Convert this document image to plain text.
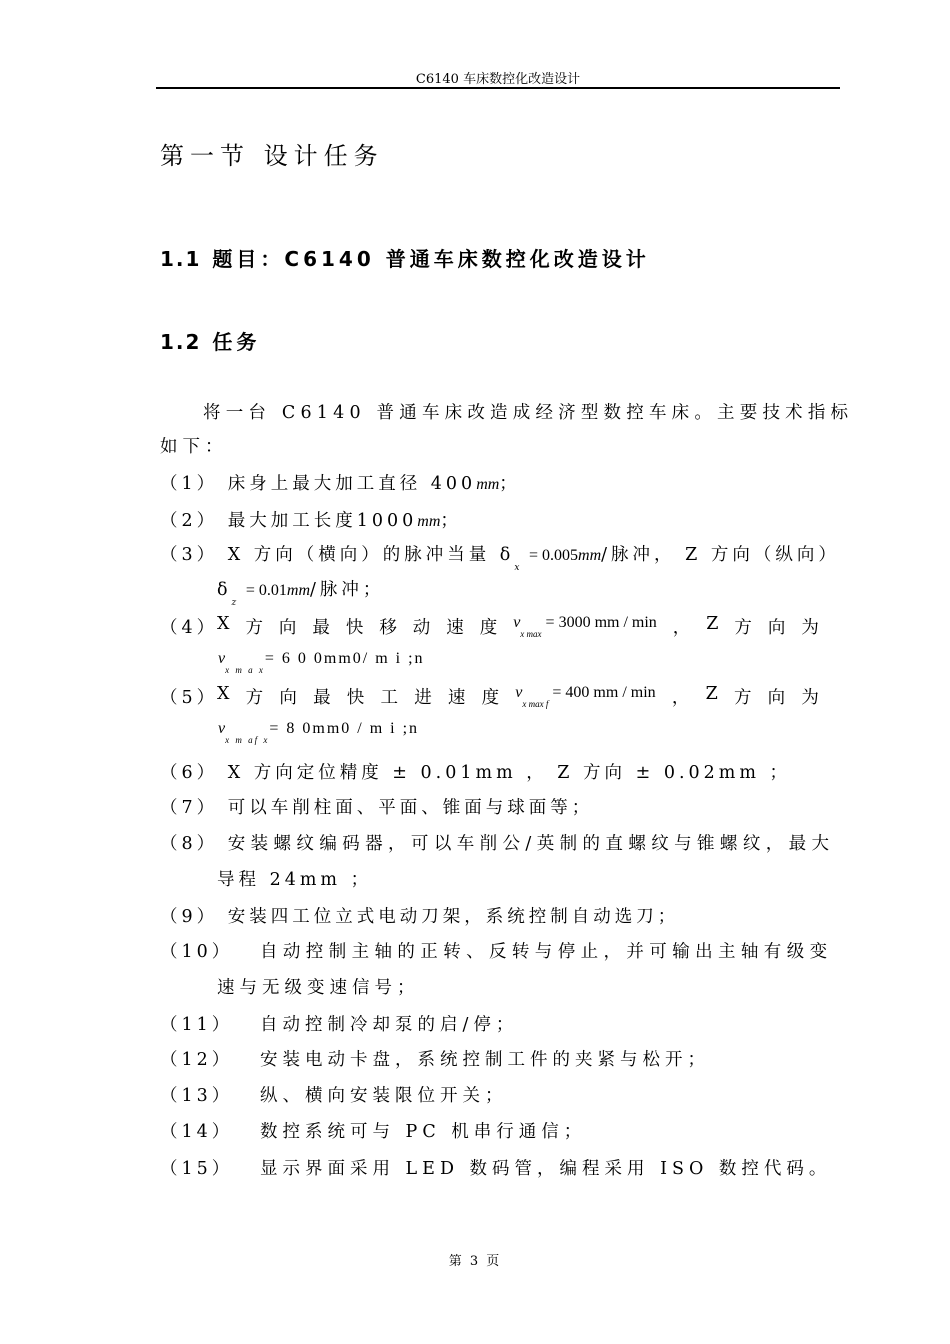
C6140 车床数控化改造设计
第一节 设计任务
1.1 题目：C6140 普通车床数控化改造设计
1.2 任务
将一台 C6140 普通车床改造成经济型数控车床。主要技术指标
如下：
（1） 床身上最大加工直径 400mm；
（2） 最大加工长度1000mm；
（3） X 方向（横向）的脉冲当量 $\delta_x = 0.005mm/$脉冲， Z 方向（纵向）
$\delta_z = 0.01mm/$脉冲；
（4）
X 方 向 最 快 移 动 速 度 $v_{x max} = 3000$ mm / min ， Z 方 向 为
$v_{x m a x}= 6$ 0 0mm0/ m i ;n
（5）
X 方 向 最 快 工 进 速 度 $v_{x max f} = 400$ mm / min ， Z 方 向 为
$v_{x m af x}= 8$ 0mm0 / m i ;n
（6） X 方向定位精度 ± 0.01mm ， Z 方向 ± 0.02mm ；
（7） 可以车削柱面、平面、锥面与球面等；
（8） 安装螺纹编码器，可以车削公/英制的直螺纹与锥螺纹，最大
导程 24mm ；
（9） 安装四工位立式电动刀架，系统控制自动选刀；
（10） 自动控制主轴的正转、反转与停止，并可输出主轴有级变
速与无级变速信号；
（11） 自动控制冷却泵的启/停；
（12） 安装电动卡盘，系统控制工件的夹紧与松开；
（13） 纵、横向安装限位开关；
（14） 数控系统可与 PC 机串行通信；
（15） 显示界面采用 LED 数码管，编程采用 ISO 数控代码。
第 3 页
